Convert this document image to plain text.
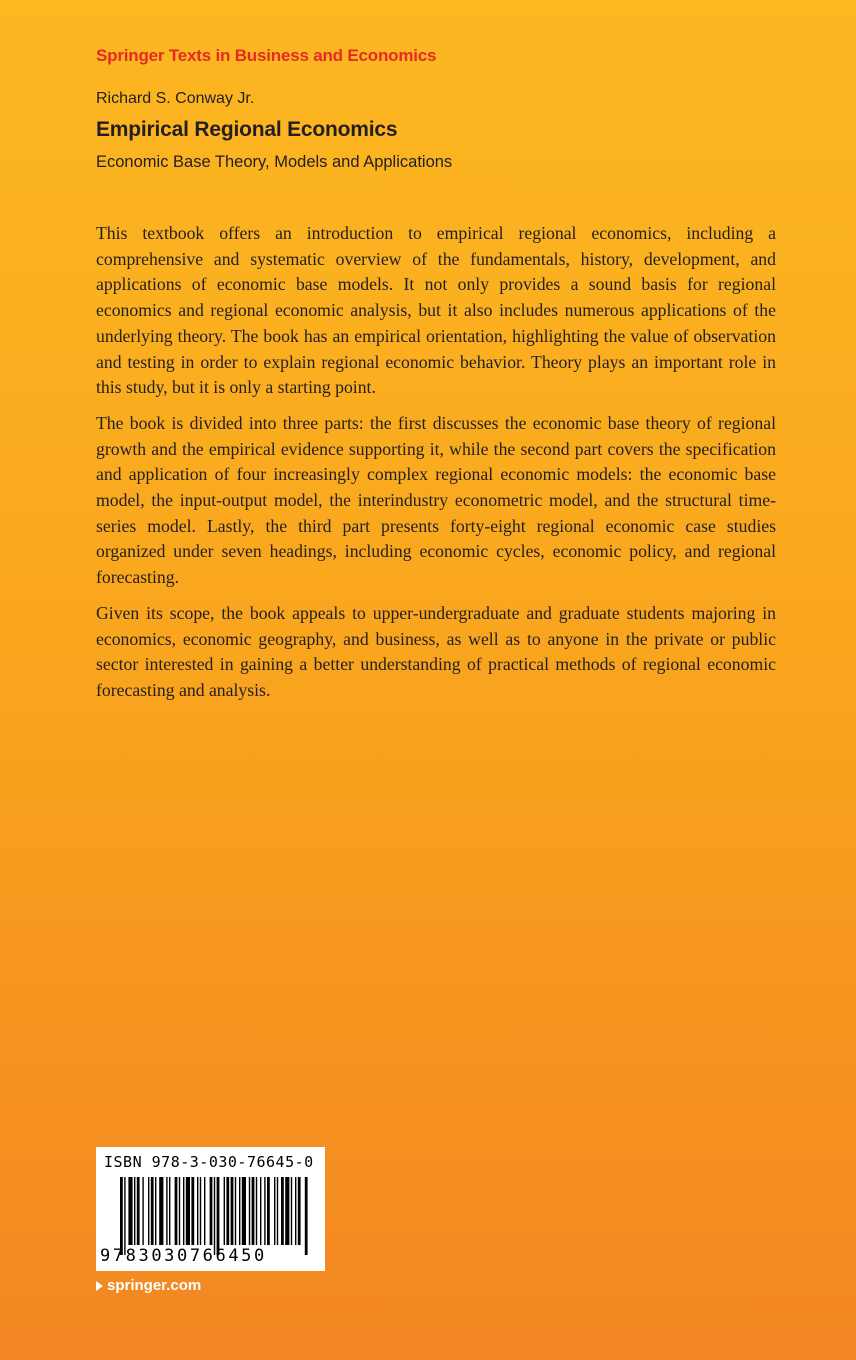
Springer Texts in Business and Economics
Richard S. Conway Jr.
Empirical Regional Economics
Economic Base Theory, Models and Applications

This textbook offers an introduction to empirical regional economics, including a comprehensive and systematic overview of the fundamentals, history, development, and applications of economic base models. It not only provides a sound basis for regional economics and regional economic analysis, but it also includes numerous applications of the underlying theory. The book has an empirical orientation, highlighting the value of observation and testing in order to explain regional economic behavior. Theory plays an important role in this study, but it is only a starting point.

The book is divided into three parts: the first discusses the economic base theory of regional growth and the empirical evidence supporting it, while the second part covers the specification and application of four increasingly complex regional economic models: the economic base model, the input-output model, the interindustry econometric model, and the structural time-series model. Lastly, the third part presents forty-eight regional economic case studies organized under seven headings, including economic cycles, economic policy, and regional forecasting.

Given its scope, the book appeals to upper-undergraduate and graduate students majoring in economics, economic geography, and business, as well as to anyone in the private or public sector interested in gaining a better understanding of practical methods of regional economic forecasting and analysis.

ISBN 978-3-030-76645-0
9783030766450
springer.com
